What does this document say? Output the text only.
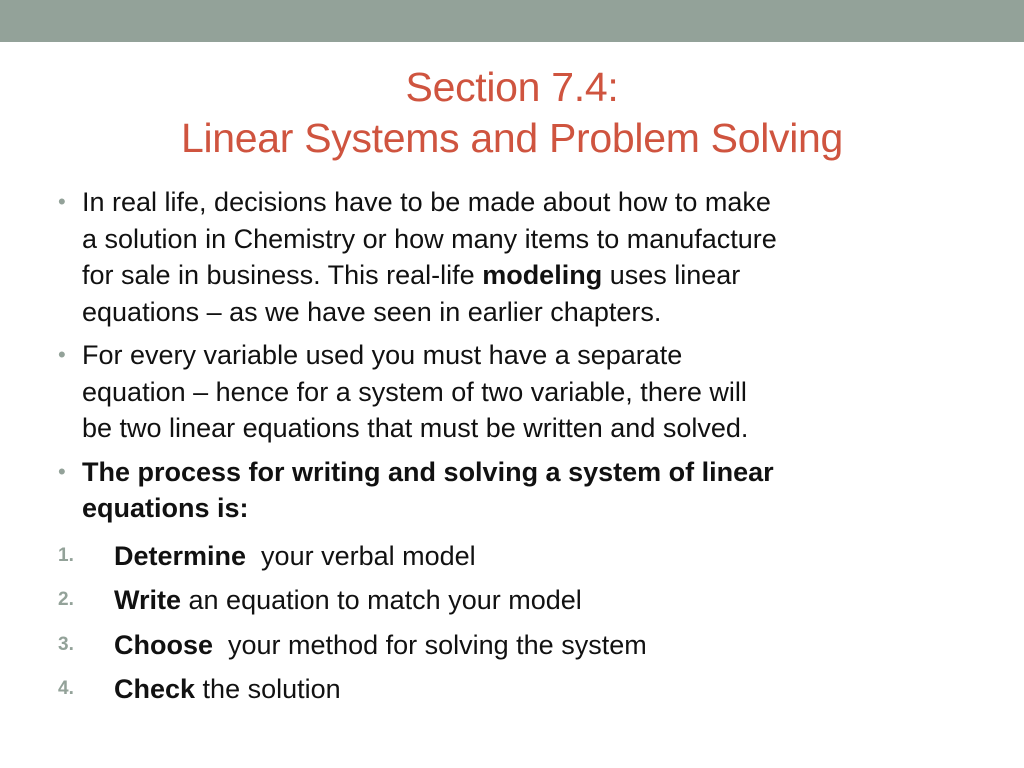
Section 7.4:
Linear Systems and Problem Solving
• In real life, decisions have to be made about how to make
a solution in Chemistry or how many items to manufacture
for sale in business. This real-life modeling uses linear
equations – as we have seen in earlier chapters.
• For every variable used you must have a separate
equation – hence for a system of two variable, there will
be two linear equations that must be written and solved.
• The process for writing and solving a system of linear
equations is:
1. Determine  your verbal model
2. Write an equation to match your model
3. Choose  your method for solving the system
4. Check the solution
